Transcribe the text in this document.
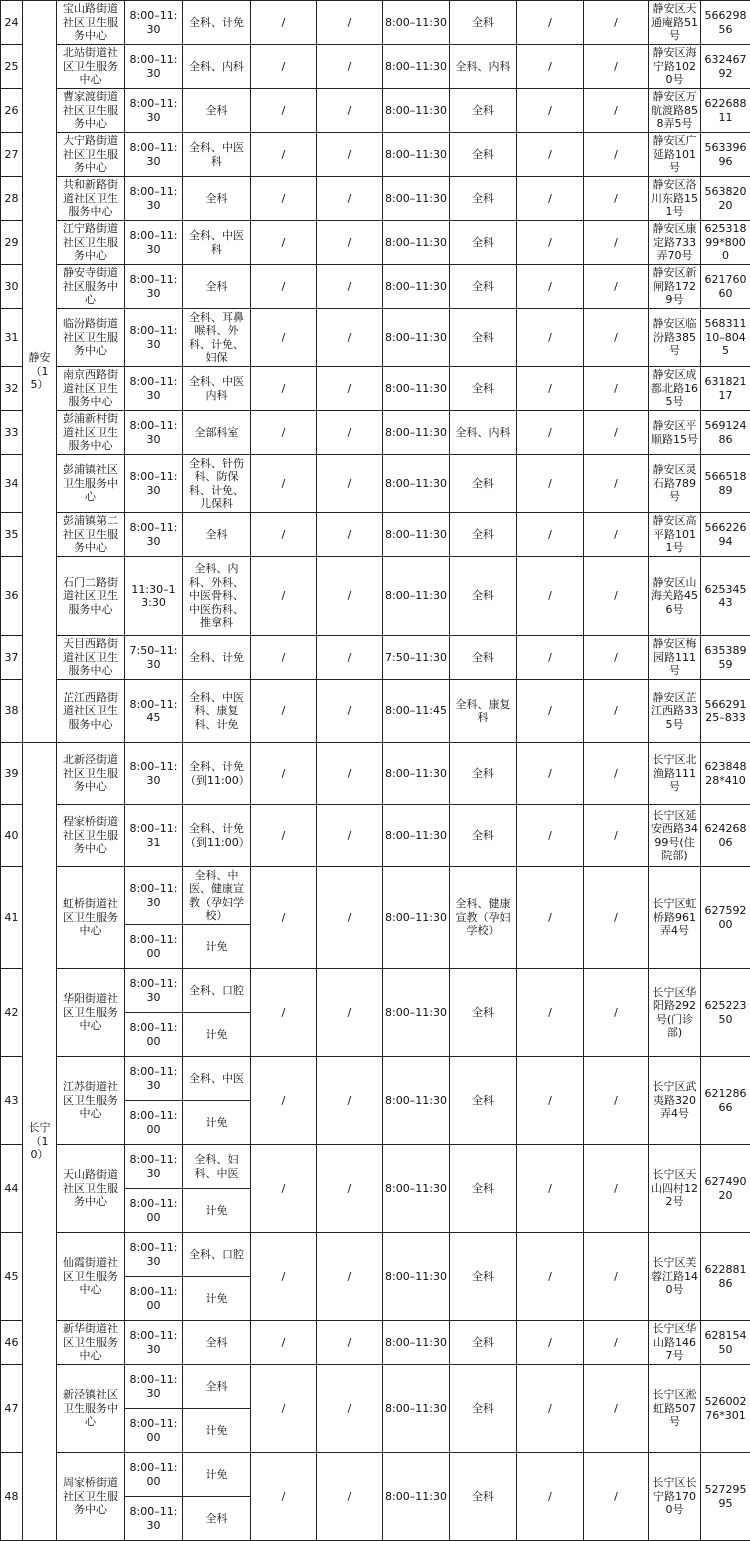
24	静安（15）	宝山路街道社区卫生服务中心	8:00–11:30	全科、计免	/	/	8:00–11:30	全科	/	/	静安区天通庵路51号	56629856
25		北站街道社区卫生服务中心	8:00–11:30	全科、内科	/	/	8:00–11:30	全科、内科	/	/	静安区海宁路1020号	63246792
26		曹家渡街道社区卫生服务中心	8:00–11:30	全科	/	/	8:00–11:30	全科	/	/	静安区万航渡路858弄5号	62268811
27		大宁路街道社区卫生服务中心	8:00–11:30	全科、中医科	/	/	8:00–11:30	全科	/	/	静安区广延路101号	56339696
28		共和新路街道社区卫生服务中心	8:00–11:30	全科	/	/	8:00–11:30	全科	/	/	静安区洛川东路151号	56382020
29		江宁路街道社区卫生服务中心	8:00–11:30	全科、中医科	/	/	8:00–11:30	全科	/	/	静安区康定路733弄70号	62531899*8000
30		静安寺街道社区服务中心	8:00–11:30	全科	/	/	8:00–11:30	全科	/	/	静安区新闸路1729号	62176060
31		临汾路街道社区卫生服务中心	8:00–11:30	全科、耳鼻喉科、外科、计免、妇保	/	/	8:00–11:30	全科	/	/	静安区临汾路385号	56831110–8045
32		南京西路街道社区卫生服务中心	8:00–11:30	全科、中医内科	/	/	8:00–11:30	全科	/	/	静安区成都北路165号	63182117
33		彭浦新村街道社区卫生服务中心	8:00–11:30	全部科室	/	/	8:00–11:30	全科、内科	/	/	静安区平顺路15号	56912486
34		彭浦镇社区卫生服务中心	8:00–11:30	全科、针伤科、防保科、计免、儿保科	/	/	8:00–11:30	全科	/	/	静安区灵石路789号	56651889
35		彭浦镇第二社区卫生服务中心	8:00–11:30	全科	/	/	8:00–11:30	全科	/	/	静安区高平路1011号	56622694
36		石门二路街道社区卫生服务中心	11:30–13:30	全科、内科、外科、中医骨科、中医伤科、推拿科	/	/	8:00–11:30	全科	/	/	静安区山海关路456号	62534543
37		天目西路街道社区卫生服务中心	7:50–11:30	全科、计免	/	/	7:50–11:30	全科	/	/	静安区梅园路111号	63538959
38		芷江西路街道社区卫生服务中心	8:00–11:45	全科、中医科、康复科、计免	/	/	8:00–11:45	全科、康复科	/	/	静安区芷江西路335号	56629125–833
39	长宁（10）	北新泾街道社区卫生服务中心	8:00–11:30	全科、计免（到11:00）	/	/	8:00–11:30	全科	/	/	长宁区北渔路111号	62384828*410
40		程家桥街道社区卫生服务中心	8:00–11:31	全科、计免（到11:00）	/	/	8:00–11:30	全科	/	/	长宁区延安西路3499号(住院部)	62426806
41		虹桥街道社区卫生服务中心	8:00–11:30	全科、中医、健康宣教（孕妇学校）	/	/	8:00–11:30	全科、健康宣教（孕妇学校）	/	/	长宁区虹桥路961弄4号	62759200
			8:00–11:00	计免								
42		华阳街道社区卫生服务中心	8:00–11:30	全科、口腔	/	/	8:00–11:30	全科	/	/	长宁区华阳路292号(门诊部)	62522350
			8:00–11:00	计免								
43		江苏街道社区卫生服务中心	8:00–11:30	全科、中医	/	/	8:00–11:30	全科	/	/	长宁区武夷路320弄4号	62128666
			8:00–11:00	计免								
44		天山路街道社区卫生服务中心	8:00–11:30	全科、妇科、中医	/	/	8:00–11:30	全科	/	/	长宁区天山四村122号	62749020
			8:00–11:00	计免								
45		仙霞街道社区卫生服务中心	8:00–11:30	全科、口腔	/	/	8:00–11:30	全科	/	/	长宁区芙蓉江路140号	62288186
			8:00–11:00	计免								
46		新华街道社区卫生服务中心	8:00–11:30	全科	/	/	8:00–11:30	全科	/	/	长宁区华山路1467号	62815450
47		新泾镇社区卫生服务中心	8:00–11:30	全科	/	/	8:00–11:30	全科	/	/	长宁区淞虹路507号	52600276*301
			8:00–11:00	计免								
48		周家桥街道社区卫生服务中心	8:00–11:00	计免	/	/	8:00–11:30	全科	/	/	长宁区长宁路1700号	52729595
			8:00–11:30	全科								
